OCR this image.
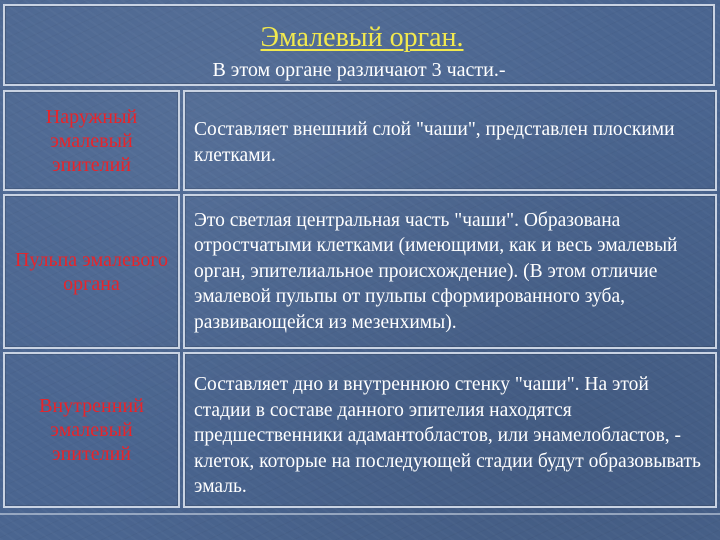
Эмалевый орган.
В этом органе различают 3 части.-
Наружный эмалевый эпителий
Составляет внешний слой "чаши", представлен плоскими клетками.
Пульпа эмалевого органа
Это светлая центральная часть "чаши". Образована отростчатыми клетками (имеющими, как и весь эмалевый орган, эпителиальное происхождение). (В этом отличие эмалевой пульпы от пульпы сформированного зуба, развивающейся из мезенхимы).
Внутренний эмалевый эпителий
Составляет дно и внутреннюю стенку "чаши". На этой стадии в составе данного эпителия находятся предшественники адамантобластов, или энамелобластов, - клеток, которые на последующей стадии будут образовывать эмаль.
